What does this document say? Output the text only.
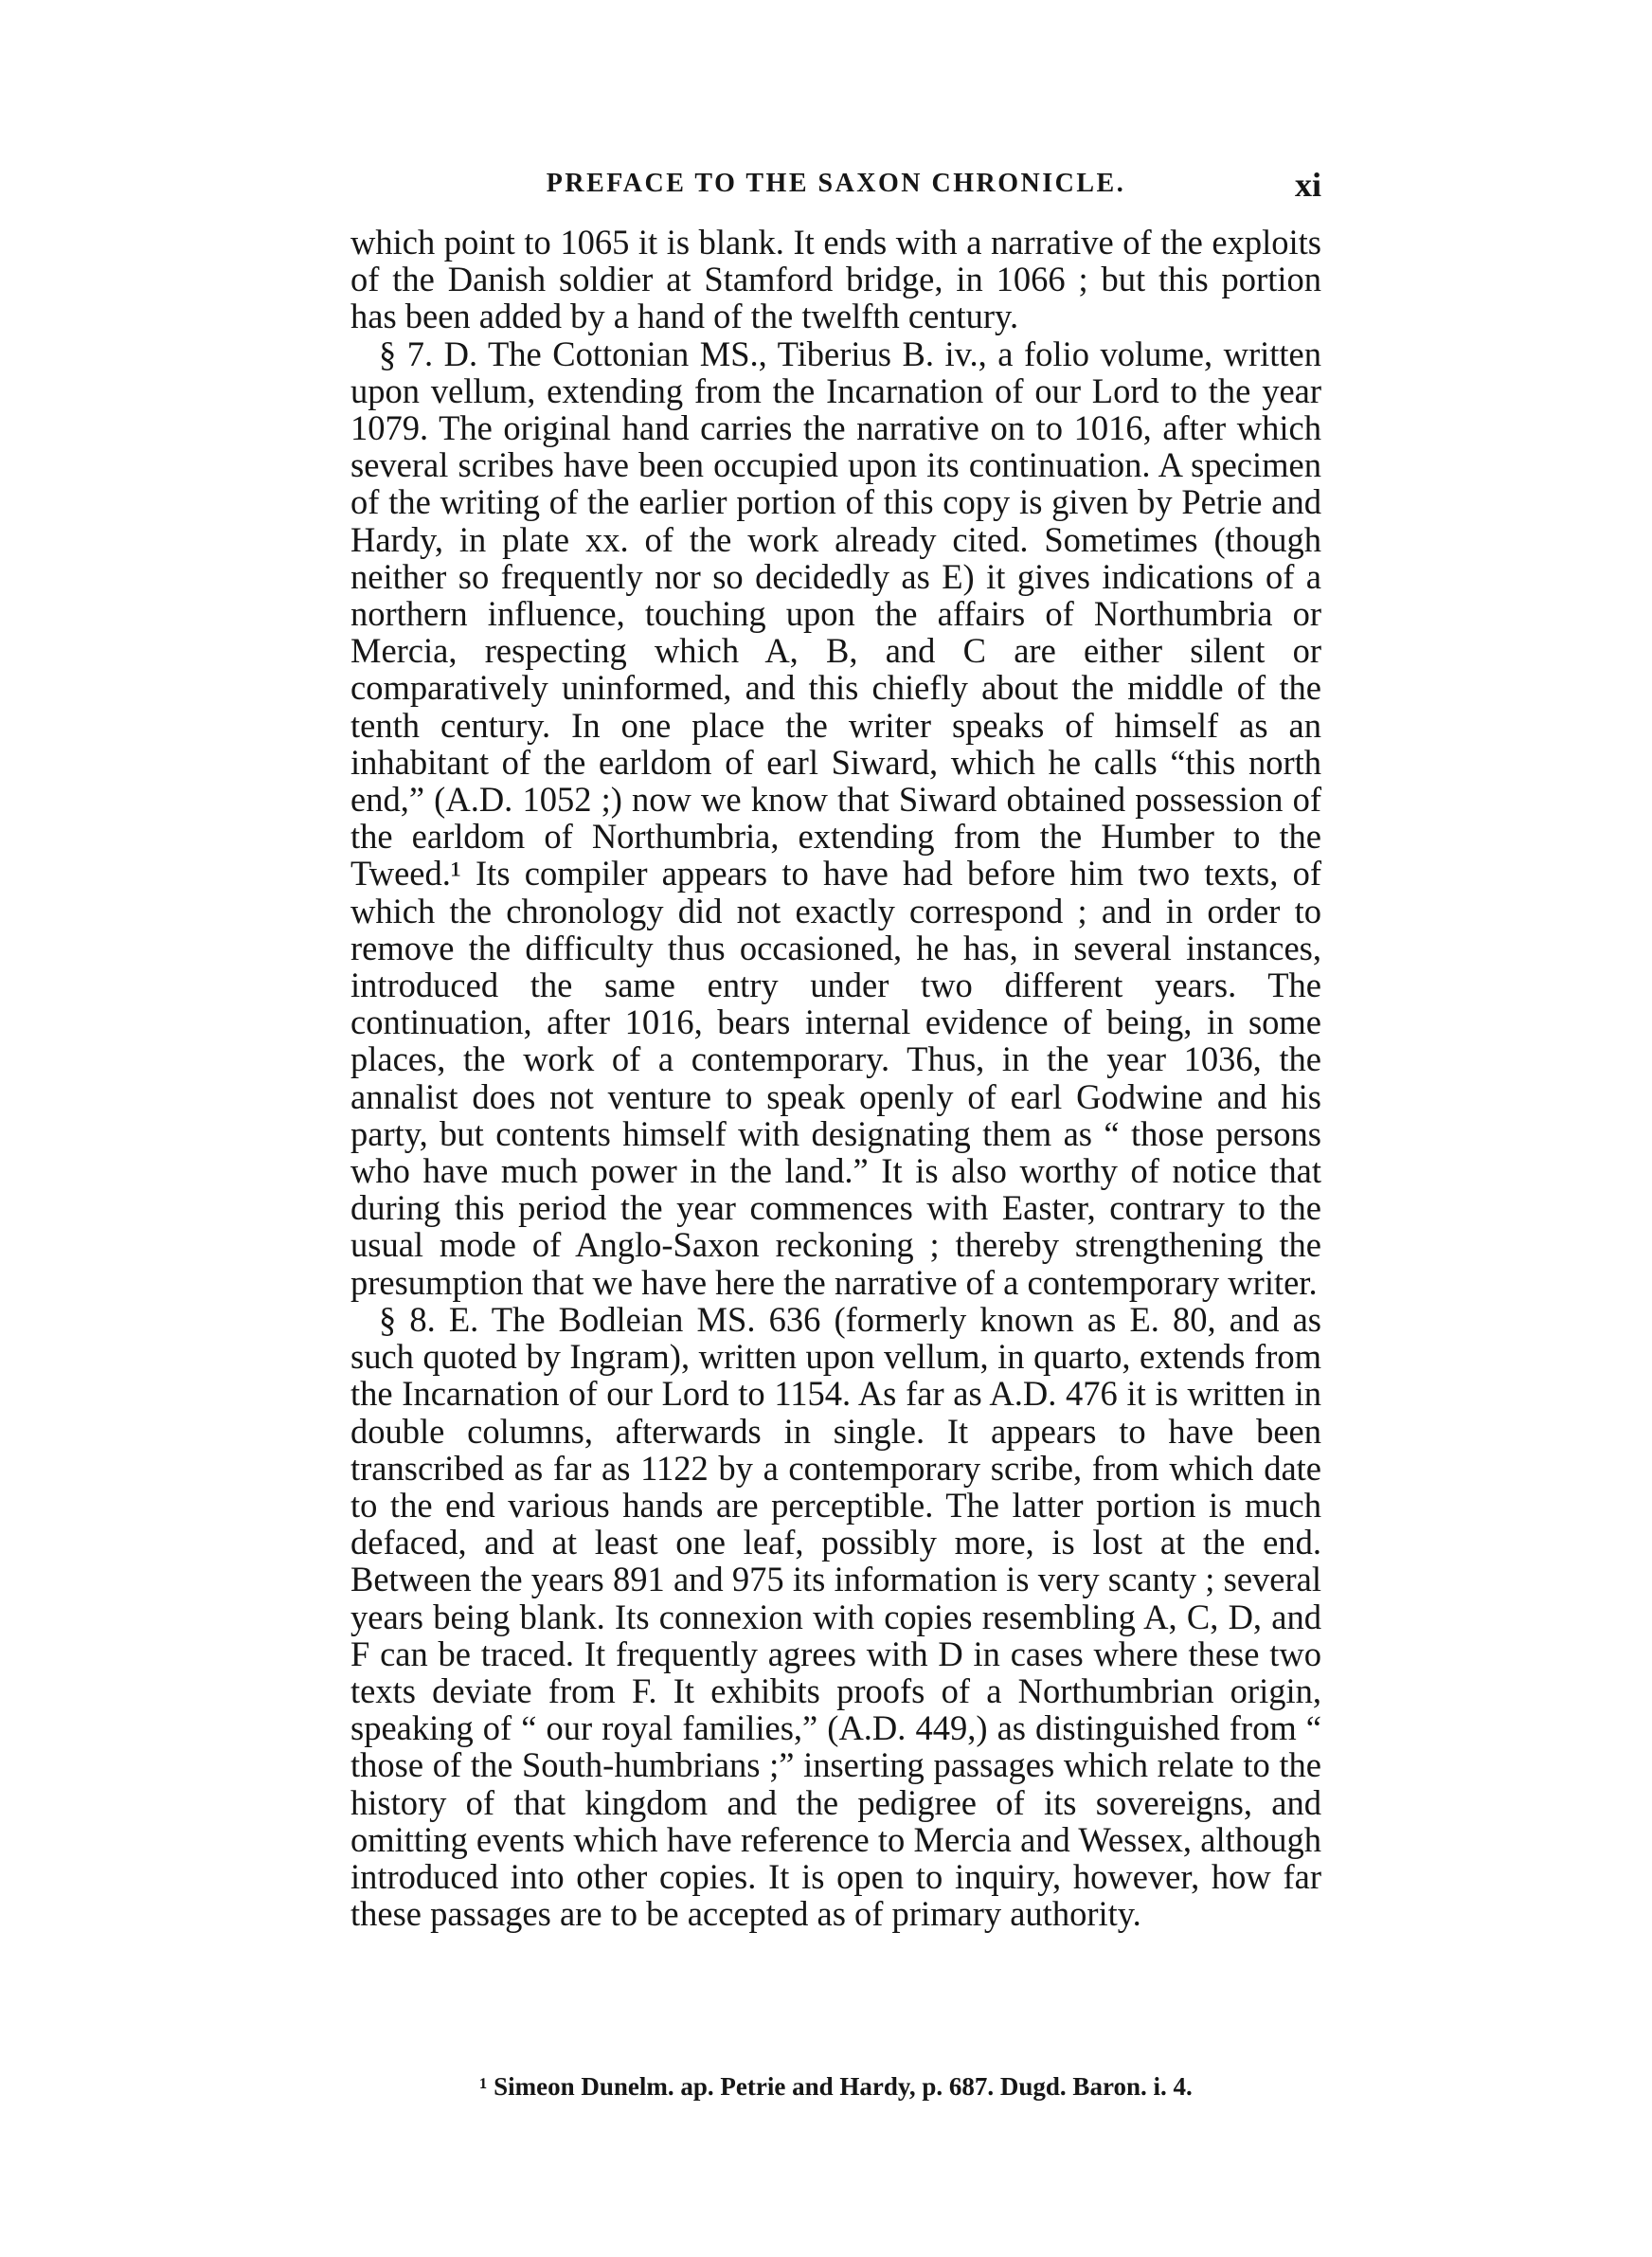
PREFACE TO THE SAXON CHRONICLE.	xi

which point to 1065 it is blank. It ends with a narrative of the exploits of the Danish soldier at Stamford bridge, in 1066 ; but this portion has been added by a hand of the twelfth century.

§ 7. D. The Cottonian MS., Tiberius B. iv., a folio volume, written upon vellum, extending from the Incarnation of our Lord to the year 1079. The original hand carries the narrative on to 1016, after which several scribes have been occupied upon its continuation. A specimen of the writing of the earlier portion of this copy is given by Petrie and Hardy, in plate xx. of the work already cited. Sometimes (though neither so frequently nor so decidedly as E) it gives indications of a northern influence, touching upon the affairs of Northumbria or Mercia, respecting which A, B, and C are either silent or comparatively uninformed, and this chiefly about the middle of the tenth century. In one place the writer speaks of himself as an inhabitant of the earldom of earl Siward, which he calls “this north end,” (A.D. 1052 ;) now we know that Siward obtained possession of the earldom of Northumbria, extending from the Humber to the Tweed.¹ Its compiler appears to have had before him two texts, of which the chronology did not exactly correspond ; and in order to remove the difficulty thus occasioned, he has, in several instances, introduced the same entry under two different years. The continuation, after 1016, bears internal evidence of being, in some places, the work of a contemporary. Thus, in the year 1036, the annalist does not venture to speak openly of earl Godwine and his party, but contents himself with designating them as “ those persons who have much power in the land.” It is also worthy of notice that during this period the year commences with Easter, contrary to the usual mode of Anglo-Saxon reckoning ; thereby strengthening the presumption that we have here the narrative of a contemporary writer.

§ 8. E. The Bodleian MS. 636 (formerly known as E. 80, and as such quoted by Ingram), written upon vellum, in quarto, extends from the Incarnation of our Lord to 1154. As far as A.D. 476 it is written in double columns, afterwards in single. It appears to have been transcribed as far as 1122 by a contemporary scribe, from which date to the end various hands are perceptible. The latter portion is much defaced, and at least one leaf, possibly more, is lost at the end. Between the years 891 and 975 its information is very scanty ; several years being blank. Its connexion with copies resembling A, C, D, and F can be traced. It frequently agrees with D in cases where these two texts deviate from F. It exhibits proofs of a Northumbrian origin, speaking of “ our royal families,” (A.D. 449,) as distinguished from “ those of the South-humbrians ;” inserting passages which relate to the history of that kingdom and the pedigree of its sovereigns, and omitting events which have reference to Mercia and Wessex, although introduced into other copies. It is open to inquiry, however, how far these passages are to be accepted as of primary authority.

¹ Simeon Dunelm. ap. Petrie and Hardy, p. 687. Dugd. Baron. i. 4.
